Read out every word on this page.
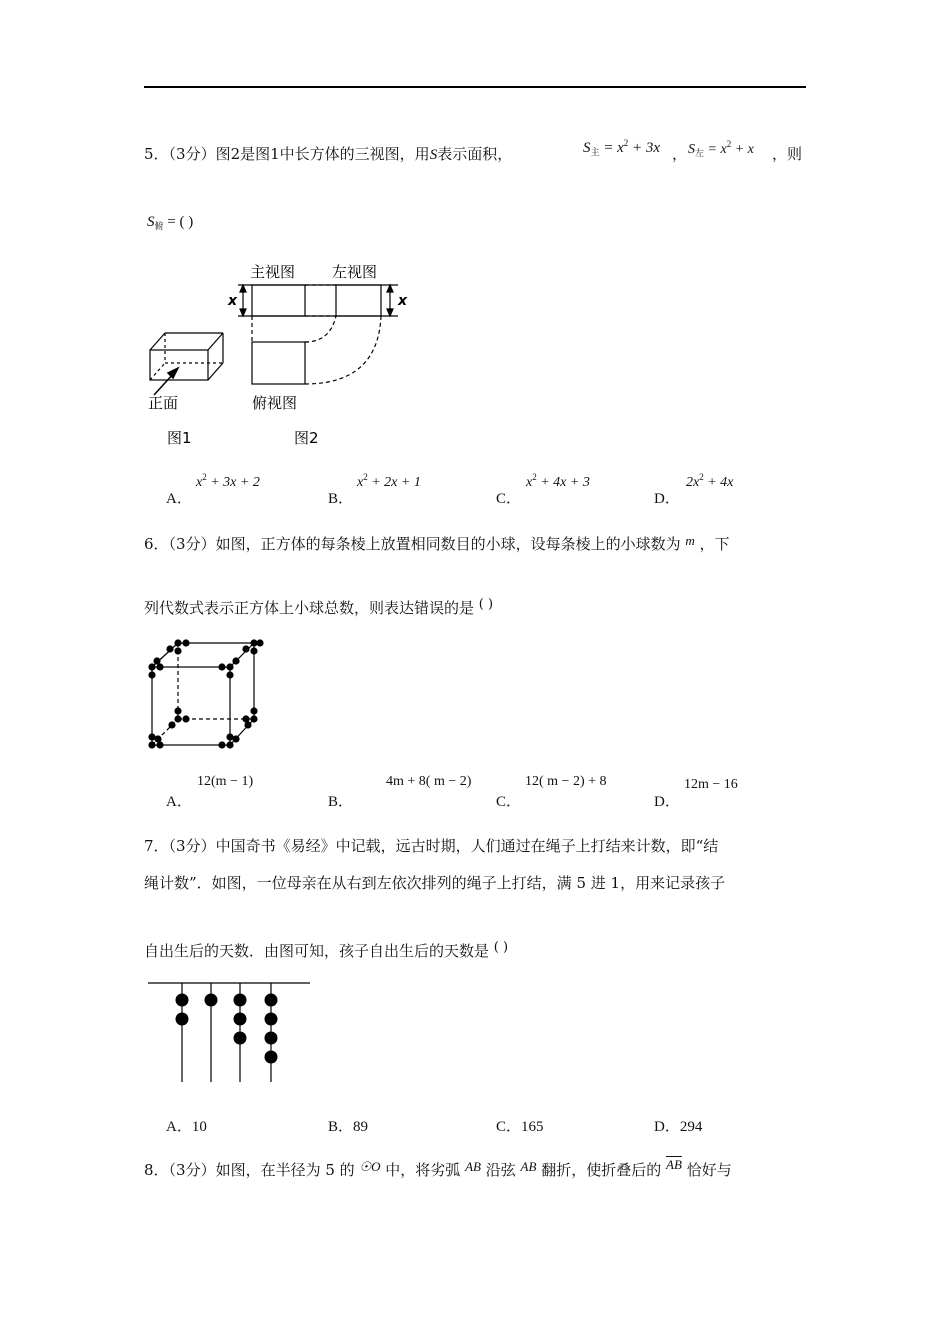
5．（3分）图2是图1中长方体的三视图，用S表示面积，	$S_主 = x^2 + 3x$ ， $S_左 = x^2 + x$ ，则
$S_俯$ = ( )
正面
图1
主视图 左视图
x	x
俯视图
图2
A．
$x^2 + 3x + 2$
B．
$x^2 + 2x + 1$
C．
$x^2 + 4x + 3$
D．
$2x^2 + 4x$
6．（3分）如图，正方体的每条棱上放置相同数目的小球，设每条棱上的小球数为 m ，下
列代数式表示正方体上小球总数，则表达错误的是 ( )
A．
12(m − 1)
B．
4m + 8( m − 2)
C．
12( m − 2) + 8
D．
12m − 16
7．（3分）中国奇书《易经》中记载，远古时期，人们通过在绳子上打结来计数，即“结
绳计数”．如图，一位母亲在从右到左依次排列的绳子上打结，满 5 进 1，用来记录孩子
自出生后的天数．由图可知，孩子自出生后的天数是 ( )
A．10	B．89	C．165	D．294
8．（3分）如图，在半径为 5 的 ☉O 中，将劣弧 AB 沿弦 AB 翻折，使折叠后的 $\overline{AB}$ 恰好与
